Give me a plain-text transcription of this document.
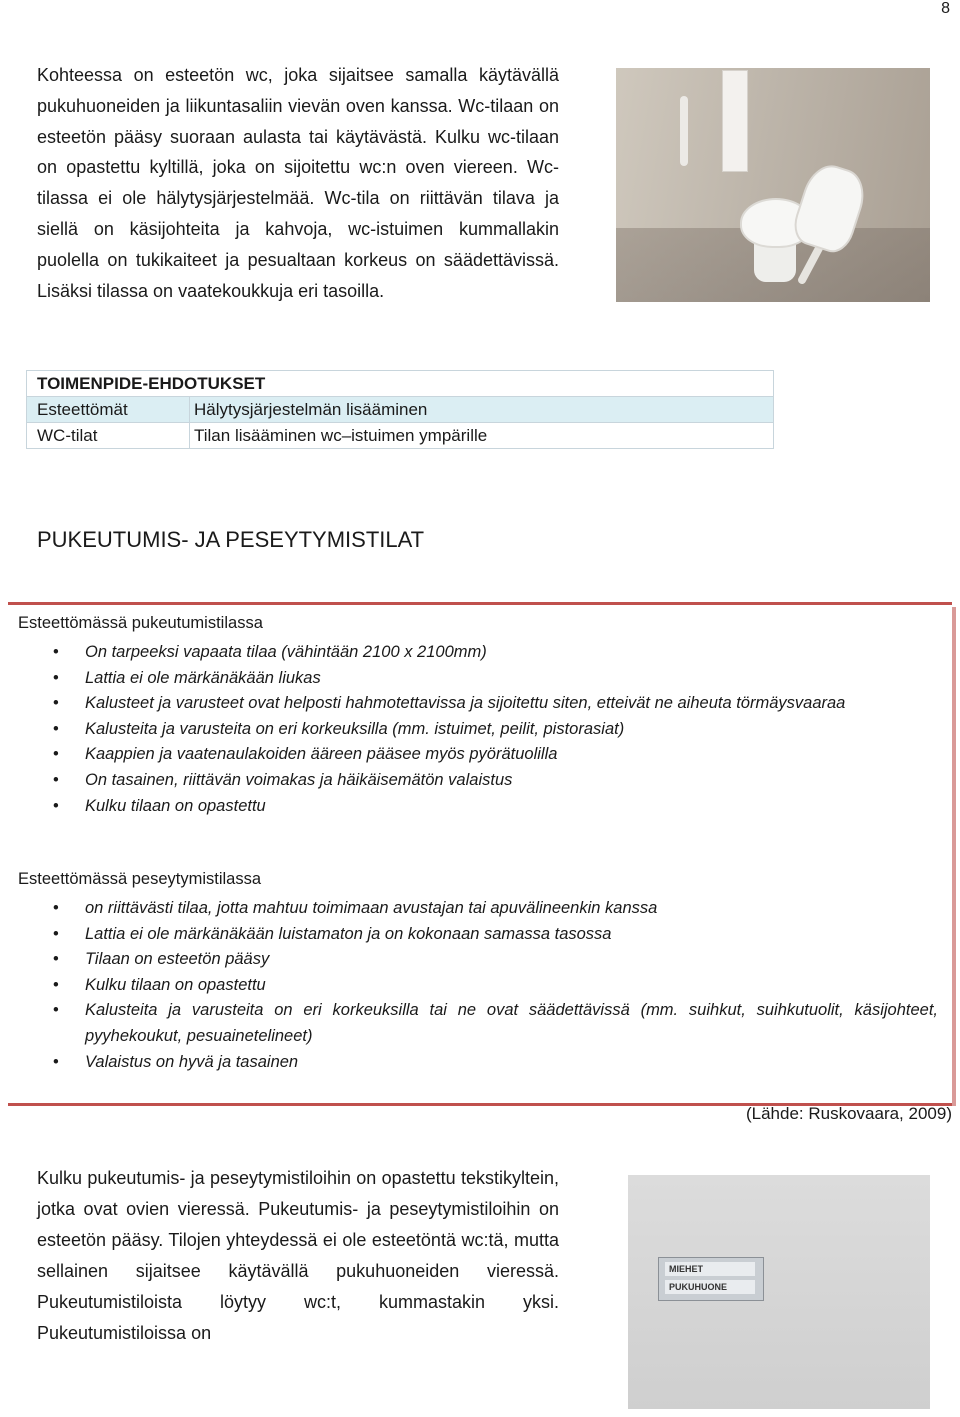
8

Kohteessa on esteetön wc, joka sijaitsee samalla käytävällä pukuhuoneiden ja liikuntasaliin vievän oven kanssa. Wc-tilaan on esteetön pääsy suoraan aulasta tai käytävästä. Kulku wc-tilaan on opastettu kyltillä, joka on sijoitettu wc:n oven viereen. Wc-tilassa ei ole hälytysjärjestelmää. Wc-tila on riittävän tilava ja siellä on käsijohteita ja kahvoja, wc-istuimen kummallakin puolella on tukikaiteet ja pesualtaan korkeus on säädettävissä. Lisäksi tilassa on vaatekoukkuja eri tasoilla.

TOIMENPIDE-EHDOTUKSET
Esteettömät	Hälytysjärjestelmän lisääminen
WC-tilat	Tilan lisääminen wc–istuimen ympärille
PUKEUTUMIS- JA PESEYTYMISTILAT
Esteettömässä pukeutumistilassa
• On tarpeeksi vapaata tilaa (vähintään 2100 x 2100mm)
• Lattia ei ole märkänäkään liukas
• Kalusteet ja varusteet ovat helposti hahmotettavissa ja sijoitettu siten, etteivät ne aiheuta törmäysvaaraa
• Kalusteita ja varusteita on eri korkeuksilla (mm. istuimet, peilit, pistorasiat)
• Kaappien ja vaatenaulakoiden ääreen pääsee myös pyörätuolilla
• On tasainen, riittävän voimakas ja häikäisemätön valaistus
• Kulku tilaan on opastettu
Esteettömässä peseytymistilassa
• on riittävästi tilaa, jotta mahtuu toimimaan avustajan tai apuvälineenkin kanssa
• Lattia ei ole märkänäkään luistamaton ja on kokonaan samassa tasossa
• Tilaan on esteetön pääsy
• Kulku tilaan on opastettu
• Kalusteita ja varusteita on eri korkeuksilla tai ne ovat säädettävissä (mm. suihkut, suihkutuolit, käsijohteet, pyyhekoukut, pesuainetelineet)
• Valaistus on hyvä ja tasainen
(Lähde: Ruskovaara, 2009)

Kulku pukeutumis- ja peseytymistiloihin on opastettu tekstikyltein, jotka ovat ovien vieressä. Pukeutumis- ja peseytymistiloihin on esteetön pääsy. Tilojen yhteydessä ei ole esteetöntä wc:tä, mutta sellainen sijaitsee käytävällä pukuhuoneiden vieressä. Pukeutumistiloista löytyy wc:t, kummastakin yksi. Pukeutumistiloissa on

MIEHET
PUKUHUONE
